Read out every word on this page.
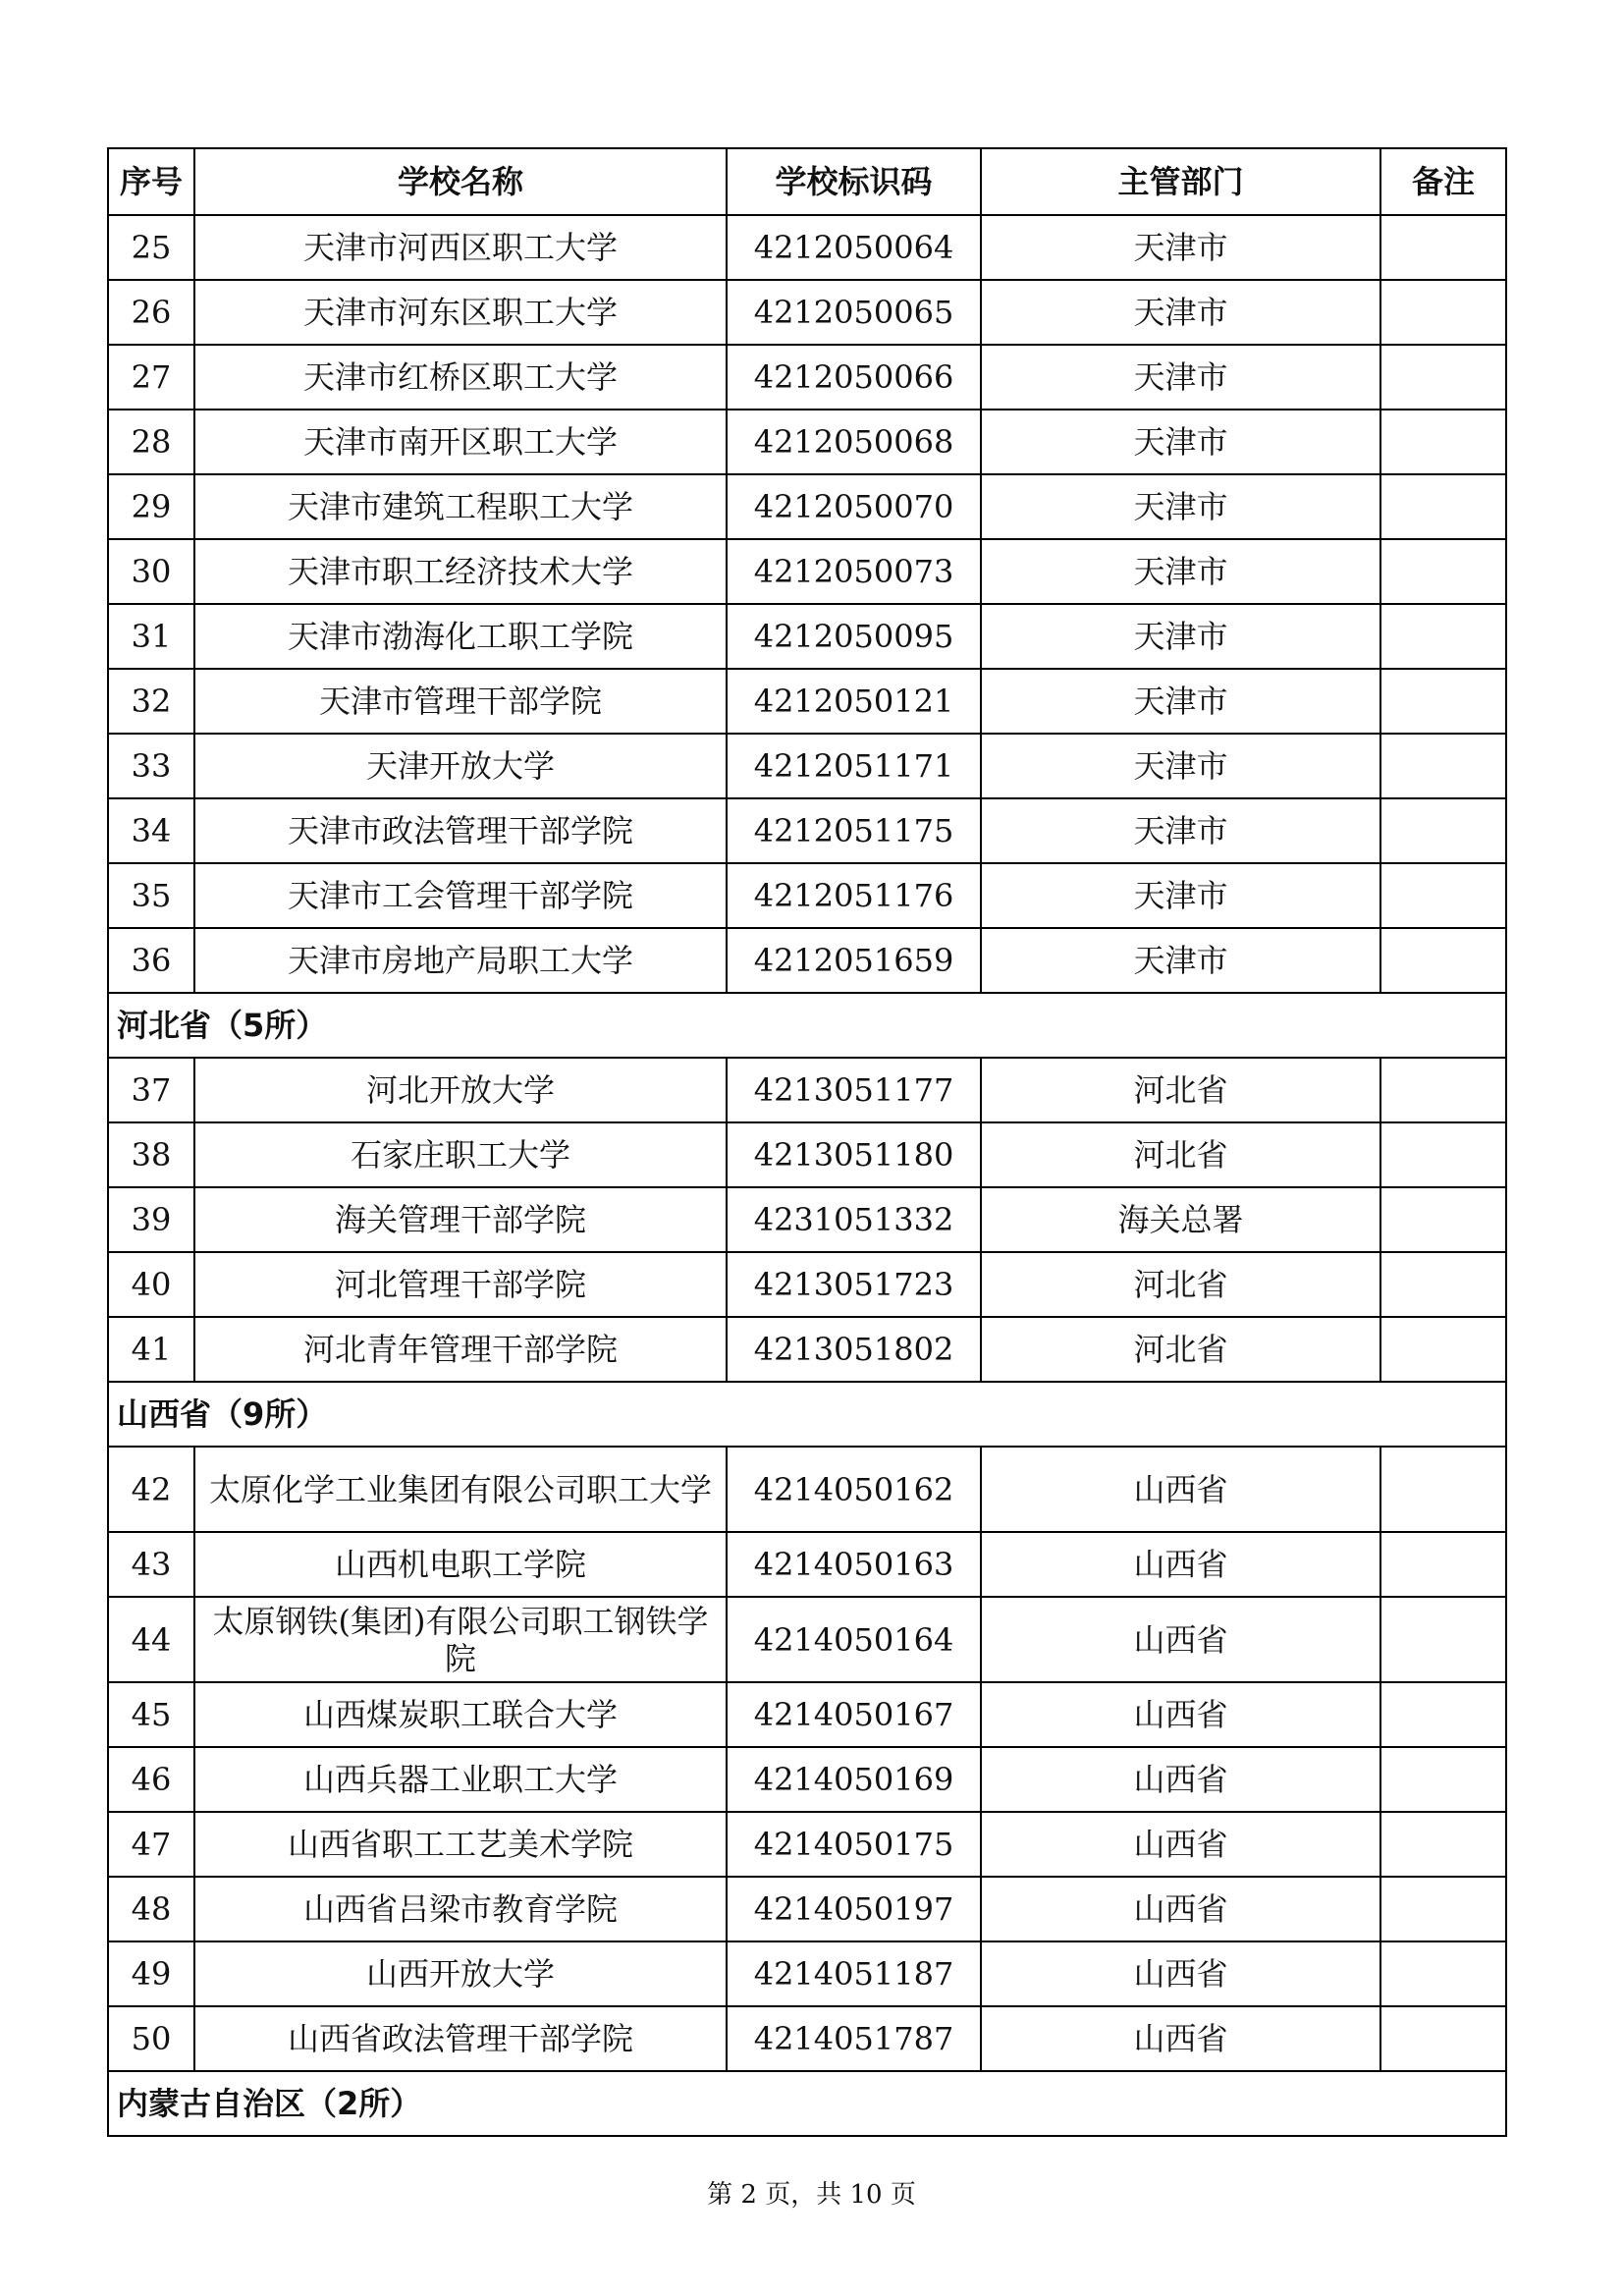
序号	学校名称	学校标识码	主管部门	备注
25	天津市河西区职工大学	4212050064	天津市	
26	天津市河东区职工大学	4212050065	天津市	
27	天津市红桥区职工大学	4212050066	天津市	
28	天津市南开区职工大学	4212050068	天津市	
29	天津市建筑工程职工大学	4212050070	天津市	
30	天津市职工经济技术大学	4212050073	天津市	
31	天津市渤海化工职工学院	4212050095	天津市	
32	天津市管理干部学院	4212050121	天津市	
33	天津开放大学	4212051171	天津市	
34	天津市政法管理干部学院	4212051175	天津市	
35	天津市工会管理干部学院	4212051176	天津市	
36	天津市房地产局职工大学	4212051659	天津市	
河北省（5所）				
37	河北开放大学	4213051177	河北省	
38	石家庄职工大学	4213051180	河北省	
39	海关管理干部学院	4231051332	海关总署	
40	河北管理干部学院	4213051723	河北省	
41	河北青年管理干部学院	4213051802	河北省	
山西省（9所）				
42	太原化学工业集团有限公司职工大学	4214050162	山西省	
43	山西机电职工学院	4214050163	山西省	
44	太原钢铁(集团)有限公司职工钢铁学院	4214050164	山西省	
45	山西煤炭职工联合大学	4214050167	山西省	
46	山西兵器工业职工大学	4214050169	山西省	
47	山西省职工工艺美术学院	4214050175	山西省	
48	山西省吕梁市教育学院	4214050197	山西省	
49	山西开放大学	4214051187	山西省	
50	山西省政法管理干部学院	4214051787	山西省	
内蒙古自治区（2所）				
第 2 页，共 10 页
